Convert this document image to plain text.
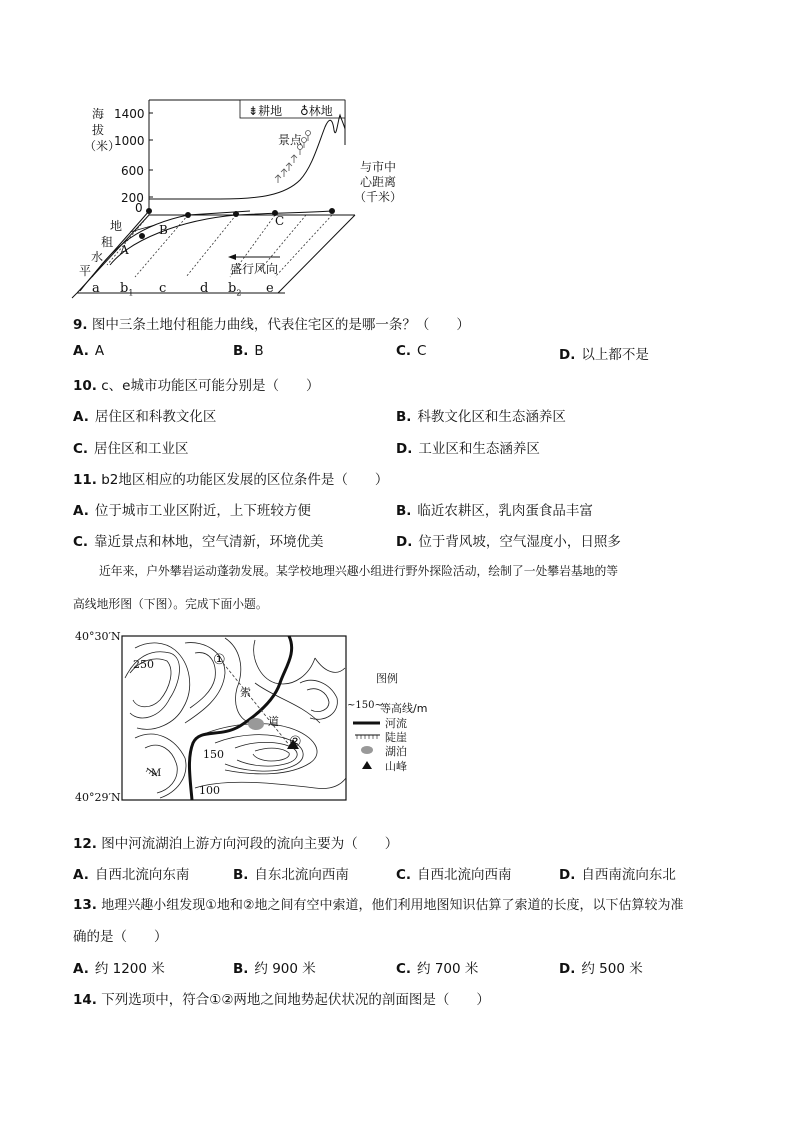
海
拔
（米）
1400
1000
600
200
0
⇟耕地 ♁林地
景点
与市中
心距离
（千米）
地
租
水
平
A
B
C
盛行风向
a $b_1$ c	d $b_2$ e
9. 图中三条土地付租能力曲线，代表住宅区的是哪一条？（　　）
A. A	B. B	C. C	D. 以上都不是
10. c、e城市功能区可能分别是（　　）
A. 居住区和科教文化区	B. 科教文化区和生态涵养区
C. 居住区和工业区	D. 工业区和生态涵养区
11. b2地区相应的功能区发展的区位条件是（　　）
A. 位于城市工业区附近，上下班较方便	B. 临近农耕区，乳肉蛋食品丰富
C. 靠近景点和林地，空气清新，环境优美	D. 位于背风坡，空气湿度小，日照多
近年来，户外攀岩运动蓬勃发展。某学校地理兴趣小组进行野外探险活动，绘制了一处攀岩基地的等
高线地形图（下图）。完成下面小题。
40°30′N
40°29′N
250
150
100
①
②
索
道
M
图例
~150~
等高线/m
河流
陡崖
湖泊
山峰
12. 图中河流湖泊上游方向河段的流向主要为（　　）
A. 自西北流向东南	B. 自东北流向西南	C. 自西北流向西南	D. 自西南流向东北
13. 地理兴趣小组发现①地和②地之间有空中索道，他们利用地图知识估算了索道的长度，以下估算较为准
确的是（　　）
A. 约 1200 米	B. 约 900 米	C. 约 700 米	D. 约 500 米
14. 下列选项中，符合①②两地之间地势起伏状况的剖面图是（　　）
